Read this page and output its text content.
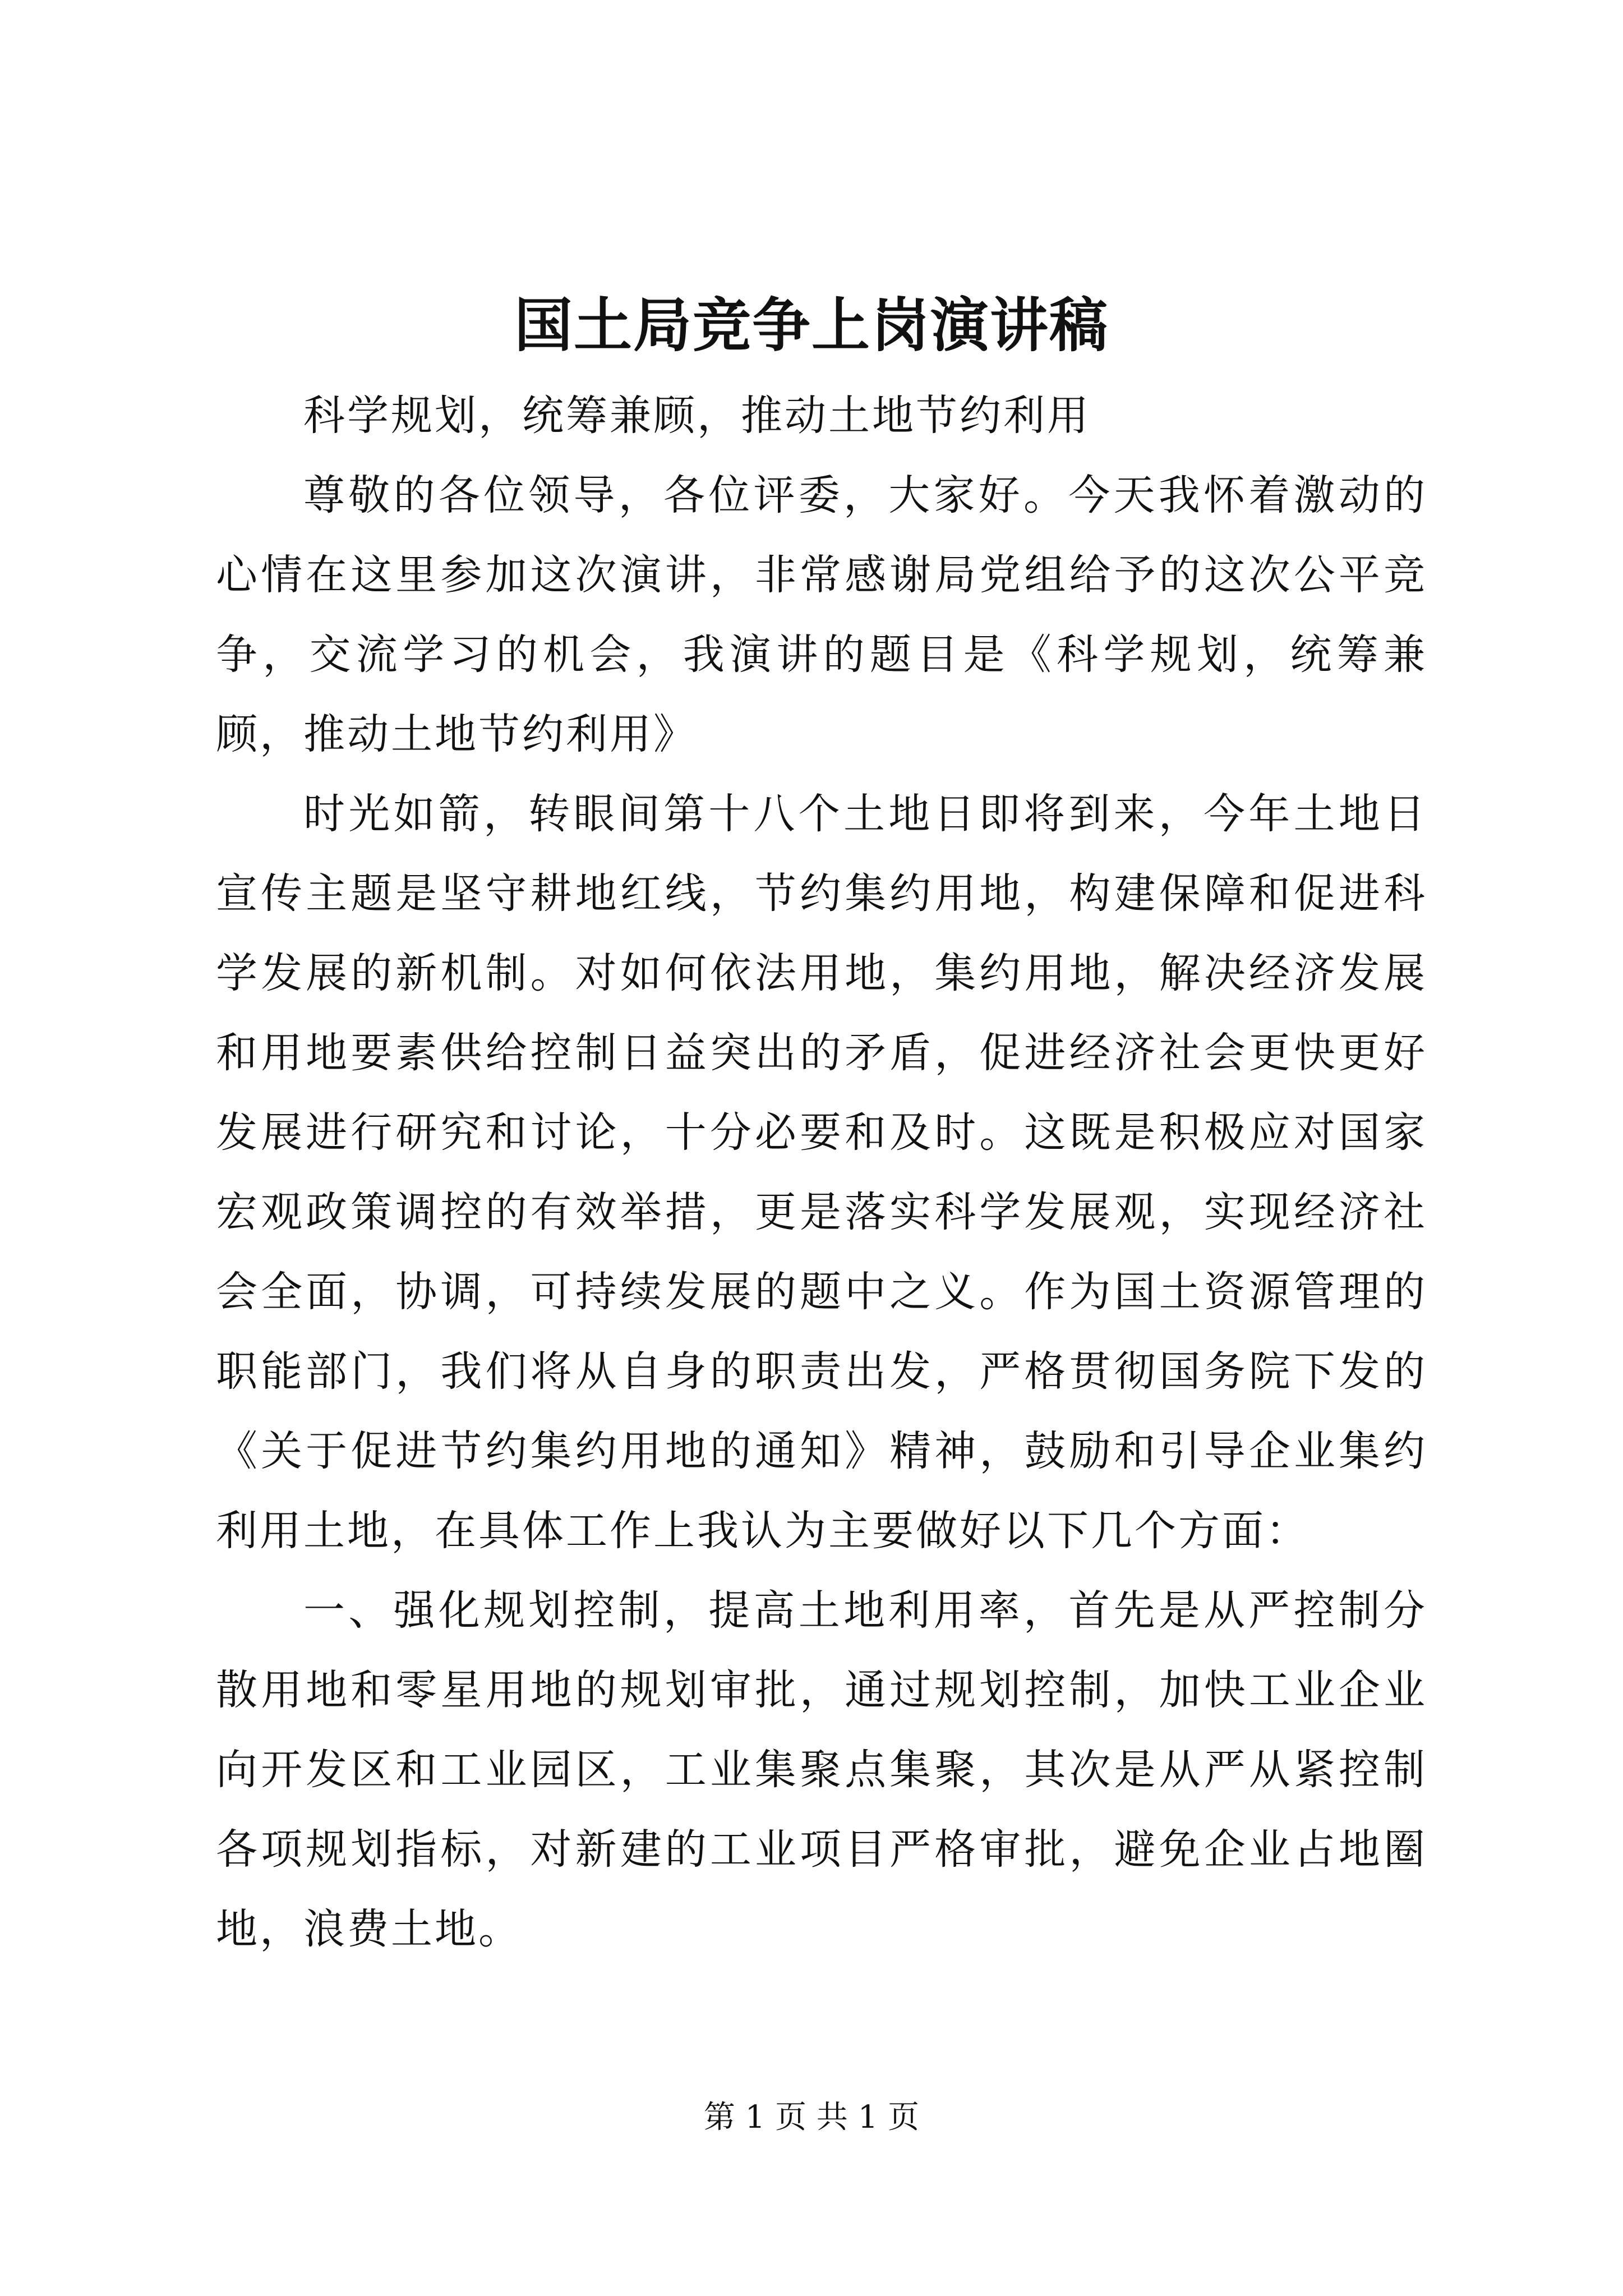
国土局竞争上岗演讲稿

科学规划，统筹兼顾，推动土地节约利用

尊敬的各位领导，各位评委，大家好。今天我怀着激动的心情在这里参加这次演讲，非常感谢局党组给予的这次公平竞争，交流学习的机会，我演讲的题目是《科学规划，统筹兼顾，推动土地节约利用》

时光如箭，转眼间第十八个土地日即将到来，今年土地日宣传主题是坚守耕地红线，节约集约用地，构建保障和促进科学发展的新机制。对如何依法用地，集约用地，解决经济发展和用地要素供给控制日益突出的矛盾，促进经济社会更快更好发展进行研究和讨论，十分必要和及时。这既是积极应对国家宏观政策调控的有效举措，更是落实科学发展观，实现经济社会全面，协调，可持续发展的题中之义。作为国土资源管理的职能部门，我们将从自身的职责出发，严格贯彻国务院下发的《关于促进节约集约用地的通知》精神，鼓励和引导企业集约利用土地，在具体工作上我认为主要做好以下几个方面：

一、强化规划控制，提高土地利用率，首先是从严控制分散用地和零星用地的规划审批，通过规划控制，加快工业企业向开发区和工业园区，工业集聚点集聚，其次是从严从紧控制各项规划指标，对新建的工业项目严格审批，避免企业占地圈地，浪费土地。

第 1 页 共 1 页
